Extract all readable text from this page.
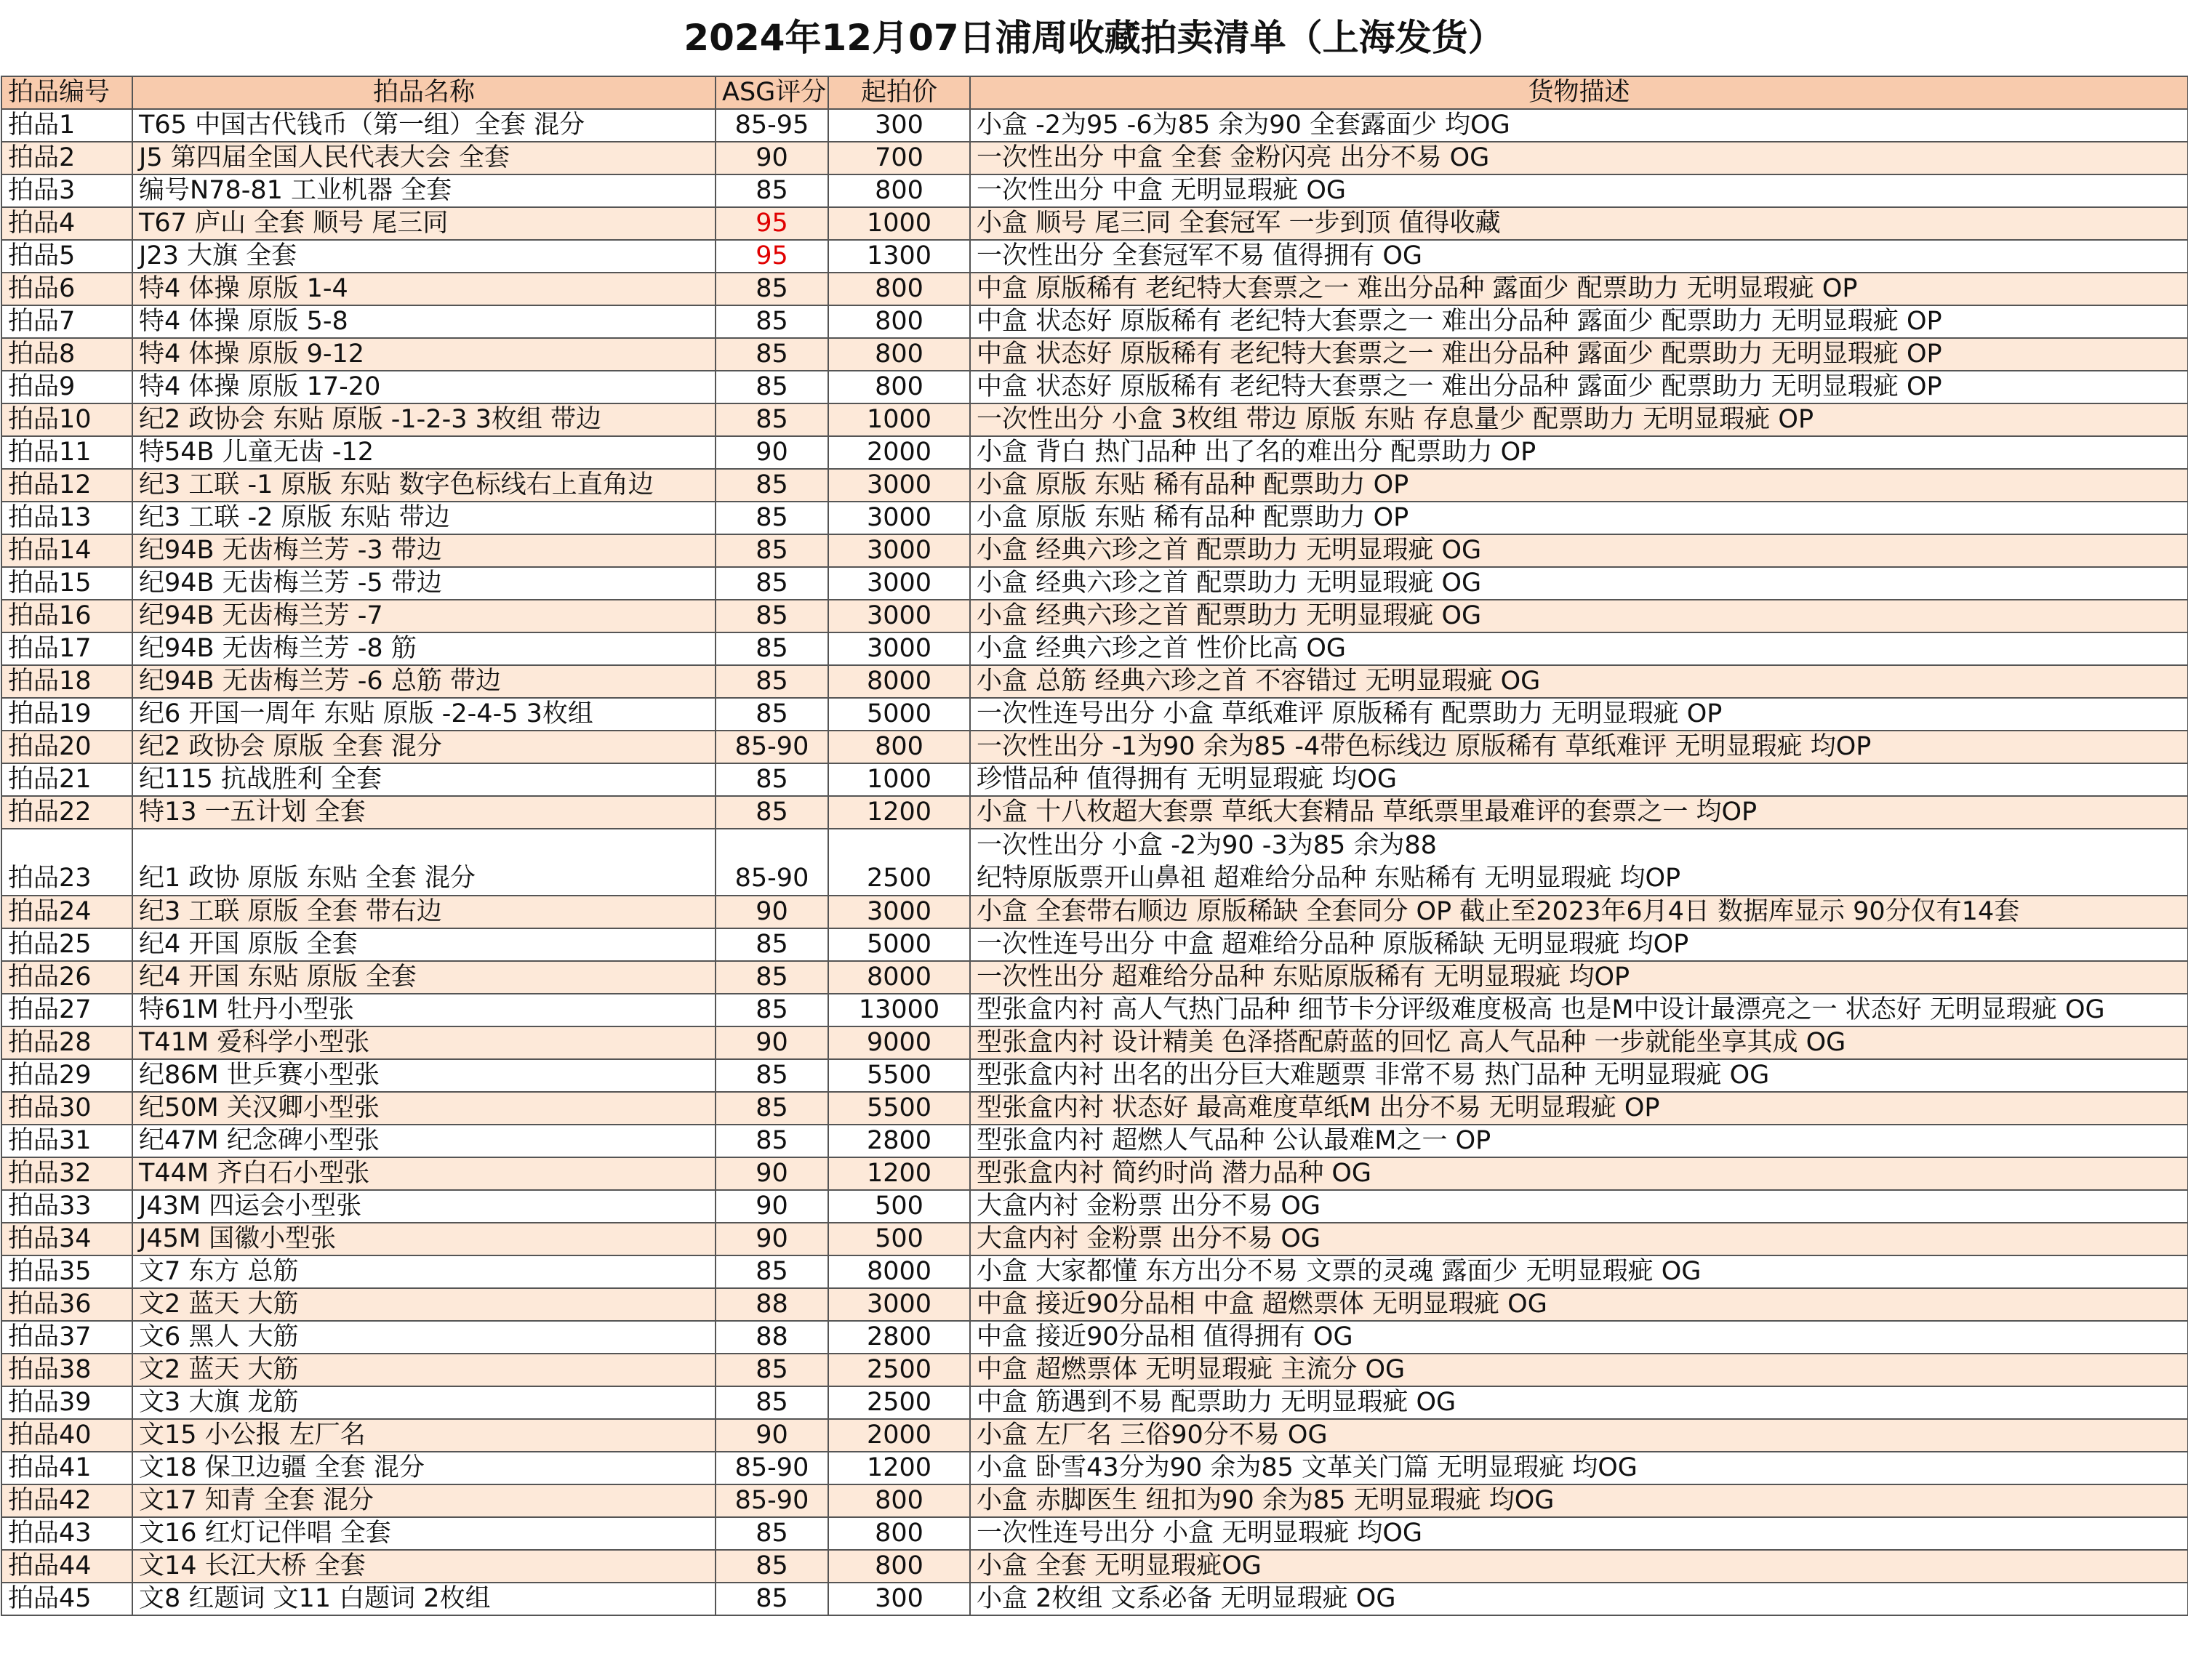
2024年12月07日浦周收藏拍卖清单（上海发货）
拍品编号	拍品名称	ASG评分	起拍价	货物描述
拍品1	T65 中国古代钱币（第一组）全套 混分	85-95	300	小盒 -2为95 -6为85 余为90 全套露面少 均OG
拍品2	J5 第四届全国人民代表大会 全套	90	700	一次性出分 中盒 全套 金粉闪亮 出分不易 OG
拍品3	编号N78-81 工业机器 全套	85	800	一次性出分 中盒 无明显瑕疵 OG
拍品4	T67 庐山 全套 顺号 尾三同	95	1000	小盒 顺号 尾三同 全套冠军 一步到顶 值得收藏
拍品5	J23 大旗 全套	95	1300	一次性出分 全套冠军不易 值得拥有 OG
拍品6	特4 体操 原版 1-4	85	800	中盒 原版稀有 老纪特大套票之一 难出分品种 露面少 配票助力 无明显瑕疵 OP
拍品7	特4 体操 原版 5-8	85	800	中盒 状态好 原版稀有 老纪特大套票之一 难出分品种 露面少 配票助力 无明显瑕疵 OP
拍品8	特4 体操 原版 9-12	85	800	中盒 状态好 原版稀有 老纪特大套票之一 难出分品种 露面少 配票助力 无明显瑕疵 OP
拍品9	特4 体操 原版 17-20	85	800	中盒 状态好 原版稀有 老纪特大套票之一 难出分品种 露面少 配票助力 无明显瑕疵 OP
拍品10	纪2 政协会 东贴 原版 -1-2-3 3枚组 带边	85	1000	一次性出分 小盒 3枚组 带边 原版 东贴 存息量少 配票助力 无明显瑕疵 OP
拍品11	特54B 儿童无齿 -12	90	2000	小盒 背白 热门品种 出了名的难出分 配票助力 OP
拍品12	纪3 工联 -1 原版 东贴 数字色标线右上直角边	85	3000	小盒 原版 东贴 稀有品种 配票助力 OP
拍品13	纪3 工联 -2 原版 东贴 带边	85	3000	小盒 原版 东贴 稀有品种 配票助力 OP
拍品14	纪94B 无齿梅兰芳 -3 带边	85	3000	小盒 经典六珍之首 配票助力 无明显瑕疵 OG
拍品15	纪94B 无齿梅兰芳 -5 带边	85	3000	小盒 经典六珍之首 配票助力 无明显瑕疵 OG
拍品16	纪94B 无齿梅兰芳 -7	85	3000	小盒 经典六珍之首 配票助力 无明显瑕疵 OG
拍品17	纪94B 无齿梅兰芳 -8 筋	85	3000	小盒 经典六珍之首 性价比高 OG
拍品18	纪94B 无齿梅兰芳 -6 总筋 带边	85	8000	小盒 总筋 经典六珍之首 不容错过 无明显瑕疵 OG
拍品19	纪6 开国一周年 东贴 原版 -2-4-5 3枚组	85	5000	一次性连号出分 小盒 草纸难评 原版稀有 配票助力 无明显瑕疵 OP
拍品20	纪2 政协会 原版 全套 混分	85-90	800	一次性出分 -1为90 余为85 -4带色标线边 原版稀有 草纸难评 无明显瑕疵 均OP
拍品21	纪115 抗战胜利 全套	85	1000	珍惜品种 值得拥有 无明显瑕疵 均OG
拍品22	特13 一五计划 全套	85	1200	小盒 十八枚超大套票 草纸大套精品 草纸票里最难评的套票之一 均OP
拍品23	纪1 政协 原版 东贴 全套 混分	85-90	2500	一次性出分 小盒 -2为90 -3为85 余为88
纪特原版票开山鼻祖 超难给分品种 东贴稀有 无明显瑕疵 均OP

拍品24	纪3 工联 原版 全套 带右边	90	3000	小盒 全套带右顺边 原版稀缺 全套同分 OP 截止至2023年6月4日 数据库显示 90分仅有14套
拍品25	纪4 开国 原版 全套	85	5000	一次性连号出分 中盒 超难给分品种 原版稀缺 无明显瑕疵 均OP
拍品26	纪4 开国 东贴 原版 全套	85	8000	一次性出分 超难给分品种 东贴原版稀有 无明显瑕疵 均OP
拍品27	特61M 牡丹小型张	85	13000	型张盒内衬 高人气热门品种 细节卡分评级难度极高 也是M中设计最漂亮之一 状态好 无明显瑕疵 OG
拍品28	T41M 爱科学小型张	90	9000	型张盒内衬 设计精美 色泽搭配蔚蓝的回忆 高人气品种 一步就能坐享其成 OG
拍品29	纪86M 世乒赛小型张	85	5500	型张盒内衬 出名的出分巨大难题票 非常不易 热门品种 无明显瑕疵 OG
拍品30	纪50M 关汉卿小型张	85	5500	型张盒内衬 状态好 最高难度草纸M 出分不易 无明显瑕疵 OP
拍品31	纪47M 纪念碑小型张	85	2800	型张盒内衬 超燃人气品种 公认最难M之一 OP
拍品32	T44M 齐白石小型张	90	1200	型张盒内衬 简约时尚 潜力品种 OG
拍品33	J43M 四运会小型张	90	500	大盒内衬 金粉票 出分不易 OG
拍品34	J45M 国徽小型张	90	500	大盒内衬 金粉票 出分不易 OG
拍品35	文7 东方 总筋	85	8000	小盒 大家都懂 东方出分不易 文票的灵魂 露面少 无明显瑕疵 OG
拍品36	文2 蓝天 大筋	88	3000	中盒 接近90分品相 中盒 超燃票体 无明显瑕疵 OG
拍品37	文6 黑人 大筋	88	2800	中盒 接近90分品相 值得拥有 OG
拍品38	文2 蓝天 大筋	85	2500	中盒 超燃票体 无明显瑕疵 主流分 OG
拍品39	文3 大旗 龙筋	85	2500	中盒 筋遇到不易 配票助力 无明显瑕疵 OG
拍品40	文15 小公报 左厂名	90	2000	小盒 左厂名 三俗90分不易 OG
拍品41	文18 保卫边疆 全套 混分	85-90	1200	小盒 卧雪43分为90 余为85 文革关门篇 无明显瑕疵 均OG
拍品42	文17 知青 全套 混分	85-90	800	小盒 赤脚医生 纽扣为90 余为85 无明显瑕疵 均OG
拍品43	文16 红灯记伴唱 全套	85	800	一次性连号出分 小盒 无明显瑕疵 均OG
拍品44	文14 长江大桥 全套	85	800	小盒 全套 无明显瑕疵OG
拍品45	文8 红题词 文11 白题词 2枚组	85	300	小盒 2枚组 文系必备 无明显瑕疵 OG
